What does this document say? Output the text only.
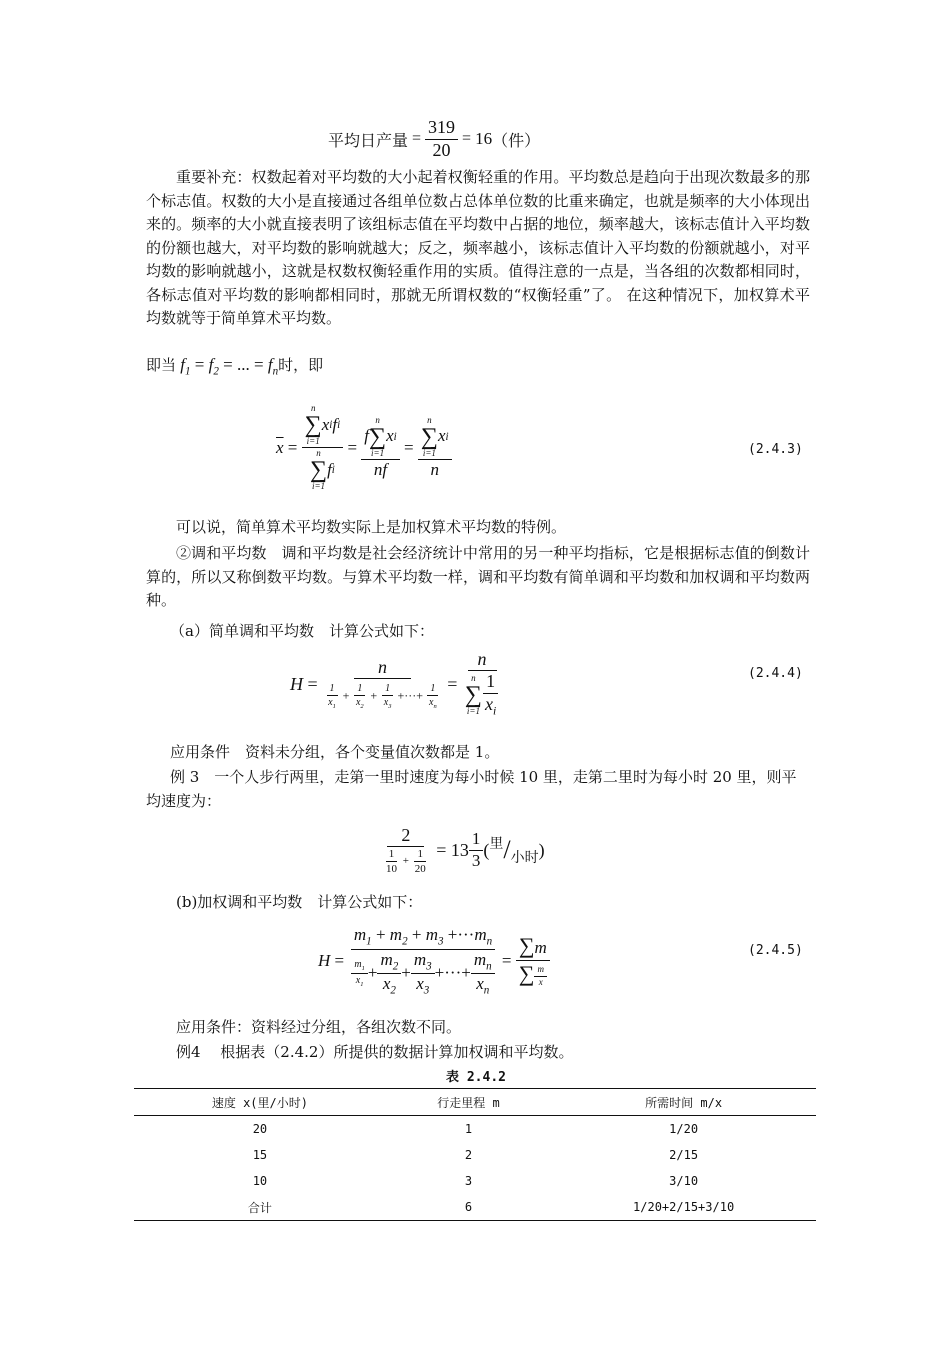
平均日产量 = $\frac{319}{20} = 16$ （件）
重要补充：权数起着对平均数的大小起着权衡轻重的作用。平均数总是趋向于出现次数最多的那个标志值。权数的大小是直接通过各组单位数占总体单位数的比重来确定，也就是频率的大小体现出来的。频率的大小就直接表明了该组标志值在平均数中占据的地位，频率越大，该标志值计入平均数的份额也越大，对平均数的影响就越大；反之，频率越小，该标志值计入平均数的份额就越小，对平均数的影响就越小，这就是权数权衡轻重作用的实质。值得注意的一点是，当各组的次数都相同时，各标志值对平均数的影响都相同时，那就无所谓权数的“权衡轻重”了。 在这种情况下，加权算术平均数就等于简单算术平均数。
即当 $f_1 = f_2$ = ... = $f_n$ 时，即
$\overline{x} = n$
∑
i=1
x i f i
n
∑
i=1
f i = f
n
∑
i=1
x i
nf = n
∑
i=1
x i
n	(2.4.3)
可以说，简单算术平均数实际上是加权算术平均数的特例。
②调和平均数　调和平均数是社会经济统计中常用的另一种平均指标，它是根据标志值的倒数计算的，所以又称倒数平均数。与算术平均数一样，调和平均数有简单调和平均数和加权调和平均数两种。
（a）简单调和平均数　计算公式如下：
$H = \frac{n}{\frac{1}{x_1} + \frac{1}{x_2} + \frac{1}{x_3} +\cdot\cdot\cdot+ \frac{1}{x_n}} = n$
n
∑
$i=1 \frac{1}{x_i}$	(2.4.4)
应用条件　资料未分组，各个变量值次数都是 1。
例 3　一个人步行两里，走第一里时速度为每小时候 10 里，走第二里时为每小时 20 里，则平均速度为：
$\frac{2}{\frac{1}{10} + \frac{1}{20}} = 13 \frac{1}{3}$ ( 里 / 小时 )
(b)加权调和平均数　计算公式如下：
$H = \frac{m_1 + m_2 + m_3 +\cdot\cdot\cdot m_n}{\frac{m_1}{x_1} + \frac{m_2}{x_2} + \frac{m_3}{x_3} +\cdot\cdot\cdot+ \frac{m_n}{x_n}} = \frac{\sum m}{\sum \frac{m}{x}}$	(2.4.5)
应用条件：资料经过分组，各组次数不同。
例4　 根据表（2.4.2）所提供的数据计算加权调和平均数。
表 2.4.2
速度 x(里/小时)	行走里程 m	所需时间 m/x
20	1	1/20
15	2	2/15
10	3	3/10
合计	6	1/20+2/15+3/10
